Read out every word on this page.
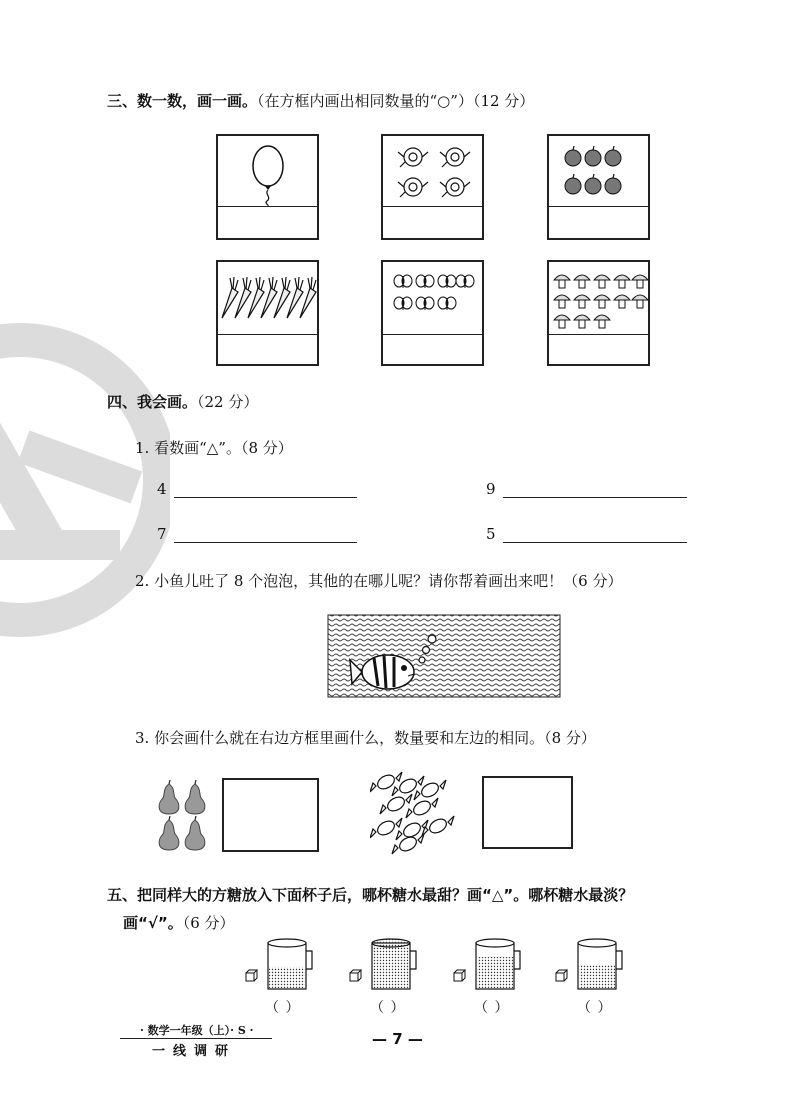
三、数一数，画一画。（在方框内画出相同数量的“○”）（12 分）
四、我会画。（22 分）
1. 看数画“△”。（8 分）
4	9
7	5
2. 小鱼儿吐了 8 个泡泡，其他的在哪儿呢？请你帮着画出来吧！（6 分）
3. 你会画什么就在右边方框里画什么，数量要和左边的相同。（8 分）
五、把同样大的方糖放入下面杯子后，哪杯糖水最甜？画“△”。哪杯糖水最淡？
画“√”。（6 分）
（ ）	（ ）	（ ）	（ ）
· 数学一年级（上）· S ·
一线调研
— 7 —
